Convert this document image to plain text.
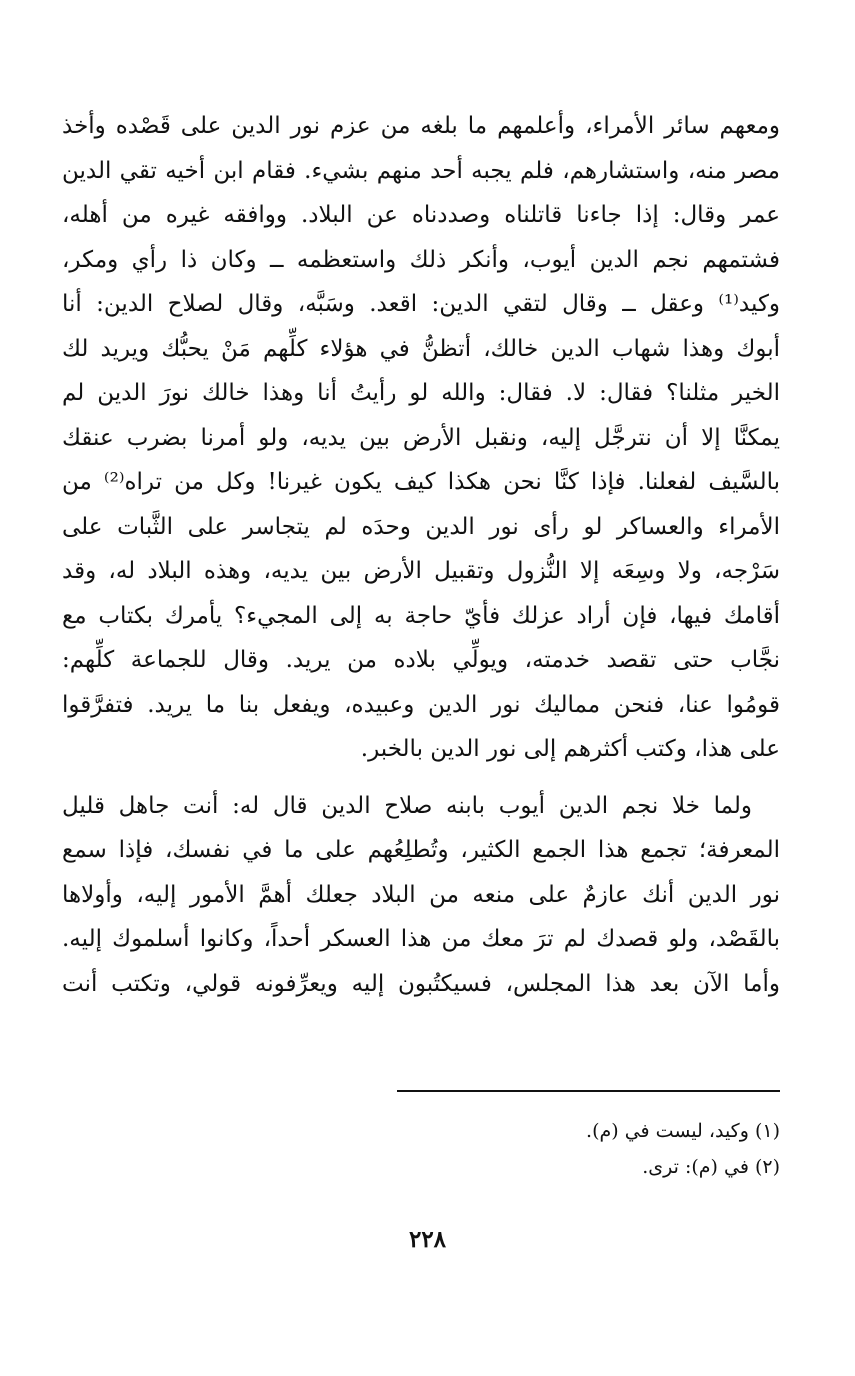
ومعهم سائر الأمراء، وأعلمهم ما بلغه من عزم نور الدين على قَصْده وأخذ
مصر منه، واستشارهم، فلم يجبه أحد منهم بشيء. فقام ابن أخيه تقي الدين
عمر وقال: إذا جاءنا قاتلناه وصددناه عن البلاد. ووافقه غيره من أهله،
فشتمهم نجم الدين أيوب، وأنكر ذلك واستعظمه ــ وكان ذا رأي ومكر،
وكيد⁽¹⁾ وعقل ــ وقال لتقي الدين: اقعد. وسَبَّه، وقال لصلاح الدين: أنا
أبوك وهذا شهاب الدين خالك، أتظنُّ في هؤلاء كلِّهم مَنْ يحبُّك ويريد لك
الخير مثلنا؟ فقال: لا. فقال: والله لو رأيتُ أنا وهذا خالك نورَ الدين لم
يمكنَّا إلا أن نترجَّل إليه، ونقبل الأرض بين يديه، ولو أمرنا بضرب عنقك
بالسَّيف لفعلنا. فإذا كنَّا نحن هكذا كيف يكون غيرنا! وكل من تراه⁽²⁾ من
الأمراء والعساكر لو رأى نور الدين وحدَه لم يتجاسر على الثَّبات على
سَرْجه، ولا وسِعَه إلا النُّزول وتقبيل الأرض بين يديه، وهذه البلاد له، وقد
أقامك فيها، فإن أراد عزلك فأيّ حاجة به إلى المجيء؟ يأمرك بكتاب مع
نجَّاب حتى تقصد خدمته، ويولِّي بلاده من يريد. وقال للجماعة كلِّهم:
قومُوا عنا، فنحن مماليك نور الدين وعبيده، ويفعل بنا ما يريد. فتفرَّقوا
على هذا، وكتب أكثرهم إلى نور الدين بالخبر.
ولما خلا نجم الدين أيوب بابنه صلاح الدين قال له: أنت جاهل قليل
المعرفة؛ تجمع هذا الجمع الكثير، وتُطلِعُهم على ما في نفسك، فإذا سمع
نور الدين أنك عازمٌ على منعه من البلاد جعلك أهمَّ الأمور إليه، وأولاها
بالقَصْد، ولو قصدك لم ترَ معك من هذا العسكر أحداً، وكانوا أسلموك إليه.
وأما الآن بعد هذا المجلس، فسيكتُبون إليه ويعرِّفونه قولي، وتكتب أنت
(١) وكيد، ليست في (م).
(٢) في (م): ترى.
٢٢٨
